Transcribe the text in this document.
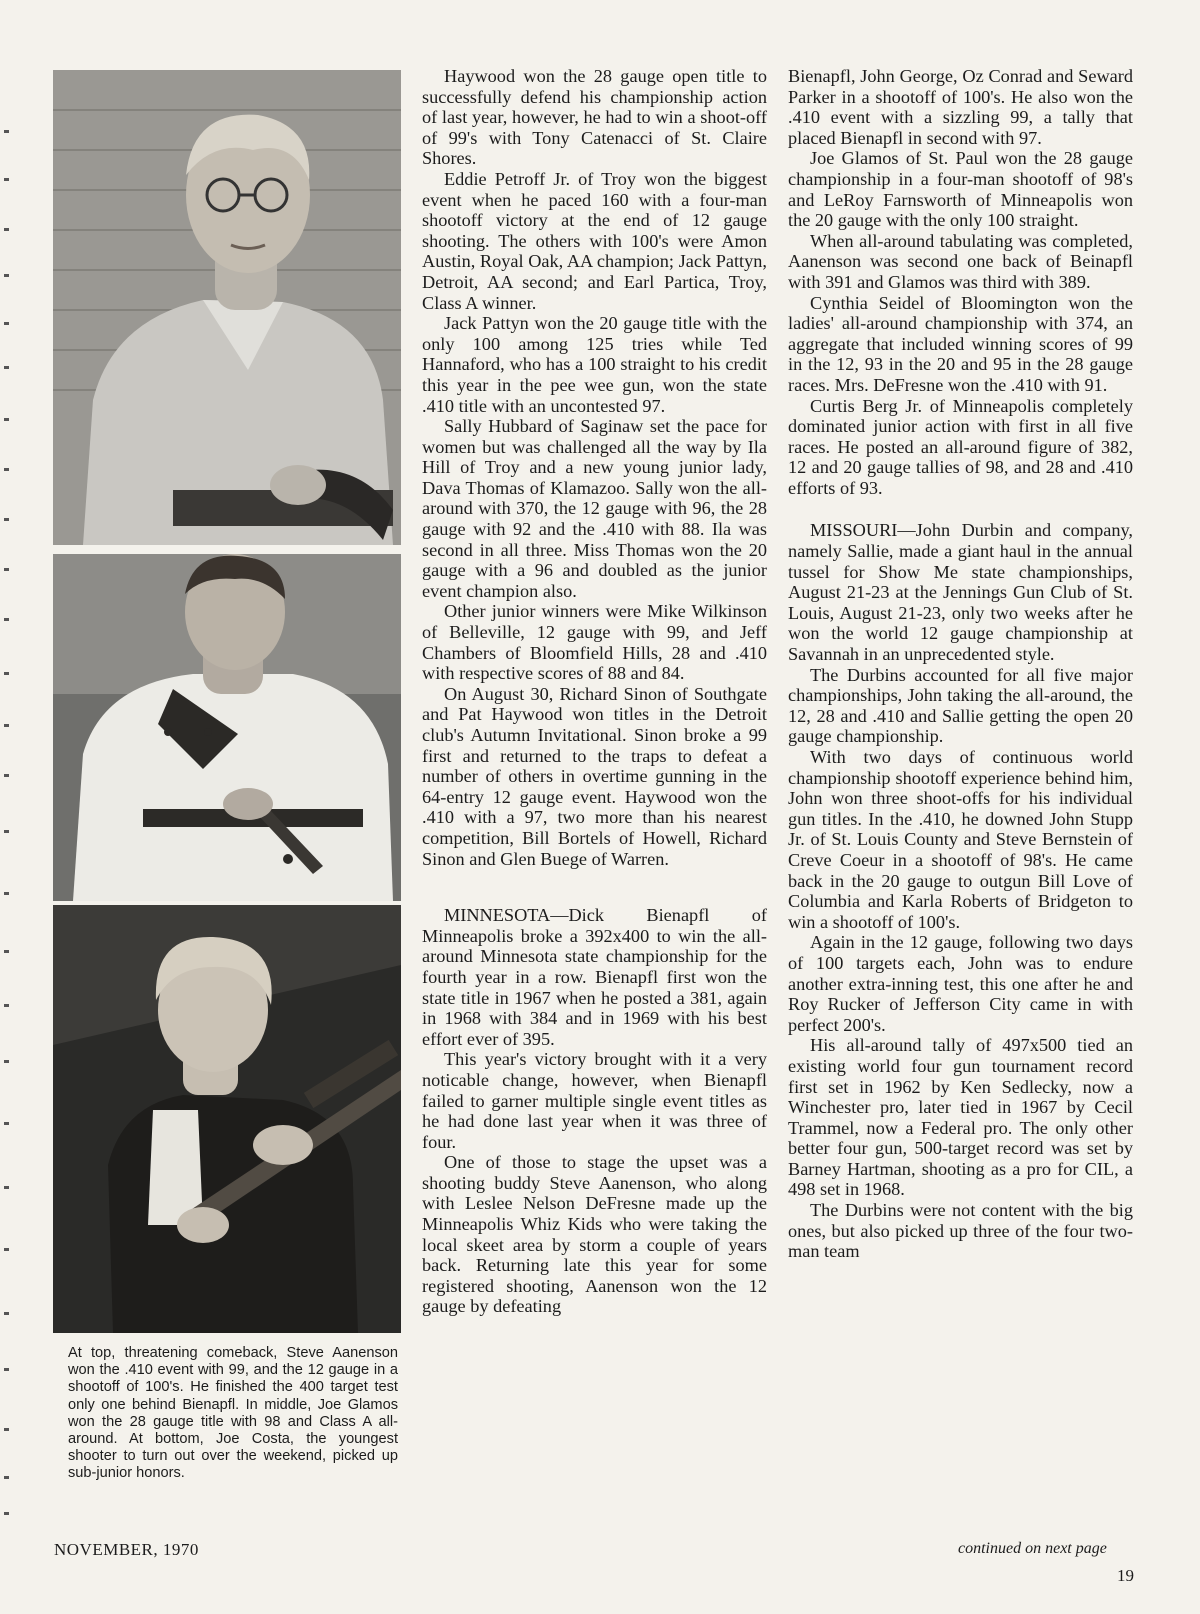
At top, threatening comeback, Steve Aanenson won the .410 event with 99, and the 12 gauge in a shootoff of 100's. He finished the 400 target test only one behind Bienapfl. In middle, Joe Glamos won the 28 gauge title with 98 and Class A all-around. At bottom, Joe Costa, the youngest shooter to turn out over the weekend, picked up sub-junior honors.

Haywood won the 28 gauge open title to successfully defend his championship action of last year, however, he had to win a shoot-off of 99's with Tony Catenacci of St. Claire Shores.

Eddie Petroff Jr. of Troy won the biggest event when he paced 160 with a four-man shootoff victory at the end of 12 gauge shooting. The others with 100's were Amon Austin, Royal Oak, AA champion; Jack Pattyn, Detroit, AA second; and Earl Partica, Troy, Class A winner.

Jack Pattyn won the 20 gauge title with the only 100 among 125 tries while Ted Hannaford, who has a 100 straight to his credit this year in the pee wee gun, won the state .410 title with an uncontested 97.

Sally Hubbard of Saginaw set the pace for women but was challenged all the way by Ila Hill of Troy and a new young junior lady, Dava Thomas of Klamazoo. Sally won the all-around with 370, the 12 gauge with 96, the 28 gauge with 92 and the .410 with 88. Ila was second in all three. Miss Thomas won the 20 gauge with a 96 and doubled as the junior event champion also.

Other junior winners were Mike Wilkinson of Belleville, 12 gauge with 99, and Jeff Chambers of Bloomfield Hills, 28 and .410 with respective scores of 88 and 84.

On August 30, Richard Sinon of Southgate and Pat Haywood won titles in the Detroit club's Autumn Invitational. Sinon broke a 99 first and returned to the traps to defeat a number of others in overtime gunning in the 64-entry 12 gauge event. Haywood won the .410 with a 97, two more than his nearest competition, Bill Bortels of Howell, Richard Sinon and Glen Buege of Warren.

MINNESOTA—Dick Bienapfl of Minneapolis broke a 392x400 to win the all-around Minnesota state championship for the fourth year in a row. Bienapfl first won the state title in 1967 when he posted a 381, again in 1968 with 384 and in 1969 with his best effort ever of 395.

This year's victory brought with it a very noticable change, however, when Bienapfl failed to garner multiple single event titles as he had done last year when it was three of four.

One of those to stage the upset was a shooting buddy Steve Aanenson, who along with Leslee Nelson DeFresne made up the Minneapolis Whiz Kids who were taking the local skeet area by storm a couple of years back. Returning late this year for some registered shooting, Aanenson won the 12 gauge by defeating

Bienapfl, John George, Oz Conrad and Seward Parker in a shootoff of 100's. He also won the .410 event with a sizzling 99, a tally that placed Bienapfl in second with 97.

Joe Glamos of St. Paul won the 28 gauge championship in a four-man shootoff of 98's and LeRoy Farnsworth of Minneapolis won the 20 gauge with the only 100 straight.

When all-around tabulating was completed, Aanenson was second one back of Beinapfl with 391 and Glamos was third with 389.

Cynthia Seidel of Bloomington won the ladies' all-around championship with 374, an aggregate that included winning scores of 99 in the 12, 93 in the 20 and 95 in the 28 gauge races. Mrs. DeFresne won the .410 with 91.

Curtis Berg Jr. of Minneapolis completely dominated junior action with first in all five races. He posted an all-around figure of 382, 12 and 20 gauge tallies of 98, and 28 and .410 efforts of 93.

MISSOURI—John Durbin and company, namely Sallie, made a giant haul in the annual tussel for Show Me state championships, August 21-23 at the Jennings Gun Club of St. Louis, August 21-23, only two weeks after he won the world 12 gauge championship at Savannah in an unprecedented style.

The Durbins accounted for all five major championships, John taking the all-around, the 12, 28 and .410 and Sallie getting the open 20 gauge championship.

With two days of continuous world championship shootoff experience behind him, John won three shoot-offs for his individual gun titles. In the .410, he downed John Stupp Jr. of St. Louis County and Steve Bernstein of Creve Coeur in a shootoff of 98's. He came back in the 20 gauge to outgun Bill Love of Columbia and Karla Roberts of Bridgeton to win a shootoff of 100's.

Again in the 12 gauge, following two days of 100 targets each, John was to endure another extra-inning test, this one after he and Roy Rucker of Jefferson City came in with perfect 200's.

His all-around tally of 497x500 tied an existing world four gun tournament record first set in 1962 by Ken Sedlecky, now a Winchester pro, later tied in 1967 by Cecil Trammel, now a Federal pro. The only other better four gun, 500-target record was set by Barney Hartman, shooting as a pro for CIL, a 498 set in 1968.

The Durbins were not content with the big ones, but also picked up three of the four two-man team

NOVEMBER, 1970	continued on next page
19
